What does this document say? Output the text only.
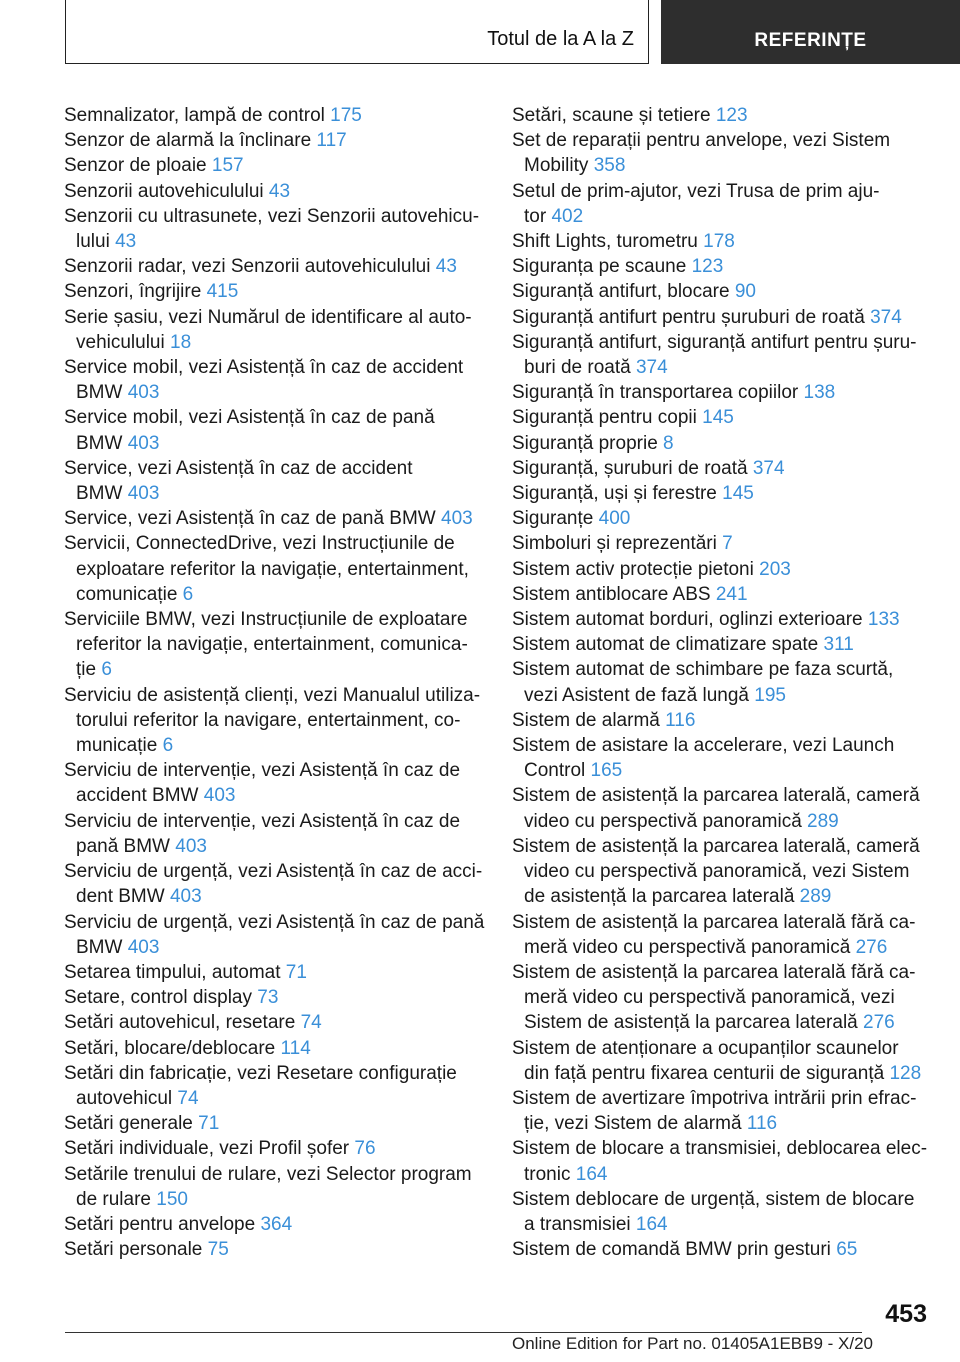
Totul de la A la Z	REFERINȚE
Semnalizator, lampă de control 175
Senzor de alarmă la înclinare 117
Senzor de ploaie 157
Senzorii autovehiculului 43
Senzorii cu ultrasunete, vezi Senzorii autovehicu-
lului 43
Senzorii radar, vezi Senzorii autovehiculului 43
Senzori, îngrijire 415
Serie șasiu, vezi Numărul de identificare al auto-
vehiculului 18
Service mobil, vezi Asistență în caz de accident
BMW 403
Service mobil, vezi Asistență în caz de pană
BMW 403
Service, vezi Asistență în caz de accident
BMW 403
Service, vezi Asistență în caz de pană BMW 403
Servicii, ConnectedDrive, vezi Instrucțiunile de
exploatare referitor la navigație, entertainment,
comunicație 6
Serviciile BMW, vezi Instrucțiunile de exploatare
referitor la navigație, entertainment, comunica-
ție 6
Serviciu de asistență clienți, vezi Manualul utiliza-
torului referitor la navigare, entertainment, co-
municație 6
Serviciu de intervenție, vezi Asistență în caz de
accident BMW 403
Serviciu de intervenție, vezi Asistență în caz de
pană BMW 403
Serviciu de urgență, vezi Asistență în caz de acci-
dent BMW 403
Serviciu de urgență, vezi Asistență în caz de pană
BMW 403
Setarea timpului, automat 71
Setare, control display 73
Setări autovehicul, resetare 74
Setări, blocare/deblocare 114
Setări din fabricație, vezi Resetare configurație
autovehicul 74
Setări generale 71
Setări individuale, vezi Profil șofer 76
Setările trenului de rulare, vezi Selector program
de rulare 150
Setări pentru anvelope 364
Setări personale 75
Setări, scaune și tetiere 123
Set de reparații pentru anvelope, vezi Sistem
Mobility 358
Setul de prim-ajutor, vezi Trusa de prim aju-
tor 402
Shift Lights, turometru 178
Siguranța pe scaune 123
Siguranță antifurt, blocare 90
Siguranță antifurt pentru șuruburi de roată 374
Siguranță antifurt, siguranță antifurt pentru șuru-
buri de roată 374
Siguranță în transportarea copiilor 138
Siguranță pentru copii 145
Siguranță proprie 8
Siguranță, șuruburi de roată 374
Siguranță, uși și ferestre 145
Siguranțe 400
Simboluri și reprezentări 7
Sistem activ protecție pietoni 203
Sistem antiblocare ABS 241
Sistem automat borduri, oglinzi exterioare 133
Sistem automat de climatizare spate 311
Sistem automat de schimbare pe faza scurtă,
vezi Asistent de fază lungă 195
Sistem de alarmă 116
Sistem de asistare la accelerare, vezi Launch
Control 165
Sistem de asistență la parcarea laterală, cameră
video cu perspectivă panoramică 289
Sistem de asistență la parcarea laterală, cameră
video cu perspectivă panoramică, vezi Sistem
de asistență la parcarea laterală 289
Sistem de asistență la parcarea laterală fără ca-
meră video cu perspectivă panoramică 276
Sistem de asistență la parcarea laterală fără ca-
meră video cu perspectivă panoramică, vezi
Sistem de asistență la parcarea laterală 276
Sistem de atenționare a ocupanților scaunelor
din față pentru fixarea centurii de siguranță 128
Sistem de avertizare împotriva intrării prin efrac-
ție, vezi Sistem de alarmă 116
Sistem de blocare a transmisiei, deblocarea elec-
tronic 164
Sistem deblocare de urgență, sistem de blocare
a transmisiei 164
Sistem de comandă BMW prin gesturi 65
453
Online Edition for Part no. 01405A1EBB9 - X/20
